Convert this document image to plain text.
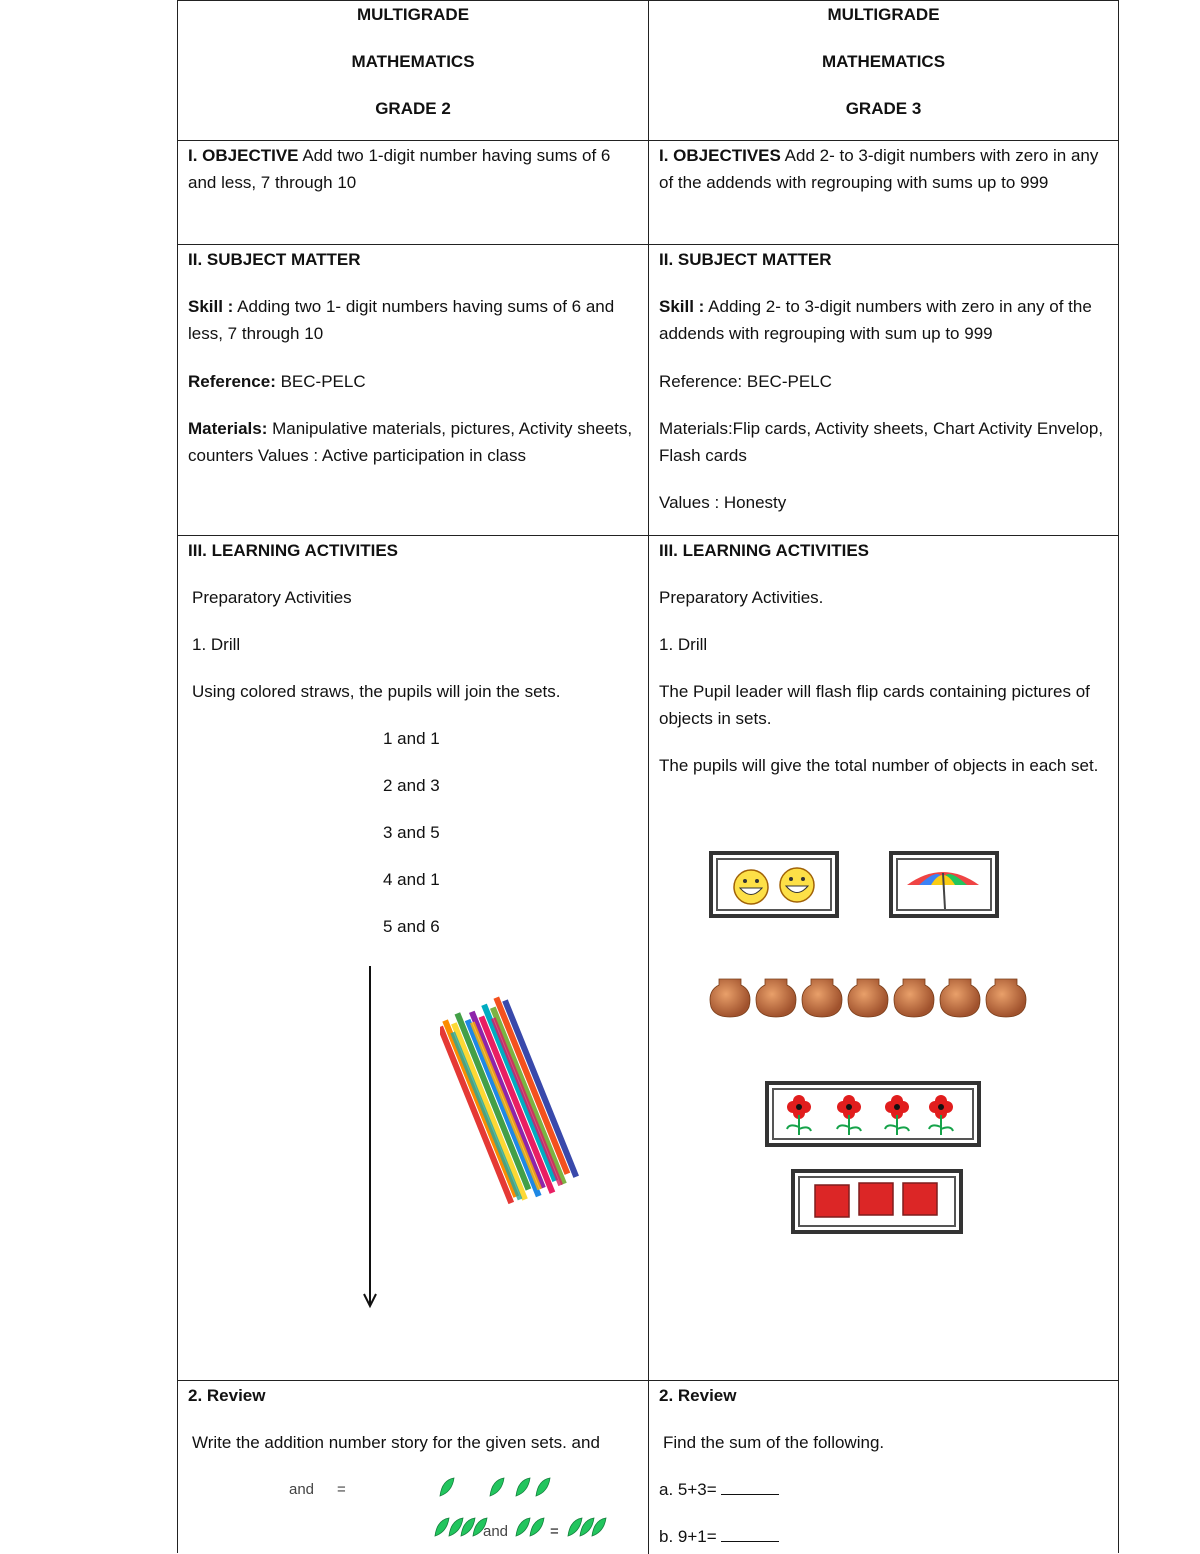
MULTIGRADE

MATHEMATICS

GRADE 2

MULTIGRADE

MATHEMATICS

GRADE 3

I. OBJECTIVE Add two 1-digit number having sums of 6 and less, 7 through 10

I. OBJECTIVES Add 2- to 3-digit numbers with zero in any of the addends with regrouping with sums up to 999

II. SUBJECT MATTER

Skill : Adding two 1- digit numbers having sums of 6 and less, 7 through 10

Reference: BEC-PELC

Materials: Manipulative materials, pictures, Activity sheets, counters Values : Active participation in class

II. SUBJECT MATTER

Skill : Adding 2- to 3-digit numbers with zero in any of the addends with regrouping with sum up to 999

Reference: BEC-PELC

Materials:Flip cards, Activity sheets, Chart Activity Envelop, Flash cards

Values : Honesty

III. LEARNING ACTIVITIES

Preparatory Activities

1. Drill

Using colored straws, the pupils will join the sets.

1 and 1

2 and 3

3 and 5

4 and 1

5 and 6

III. LEARNING ACTIVITIES

Preparatory Activities.

1. Drill

The Pupil leader will flash flip cards containing pictures of objects in sets.

The pupils will give the total number of objects in each set.

2. Review

Write the addition number story for the given sets. and

and =
and	=

2. Review

Find the sum of the following.

a. 5+3=

b. 9+1=
